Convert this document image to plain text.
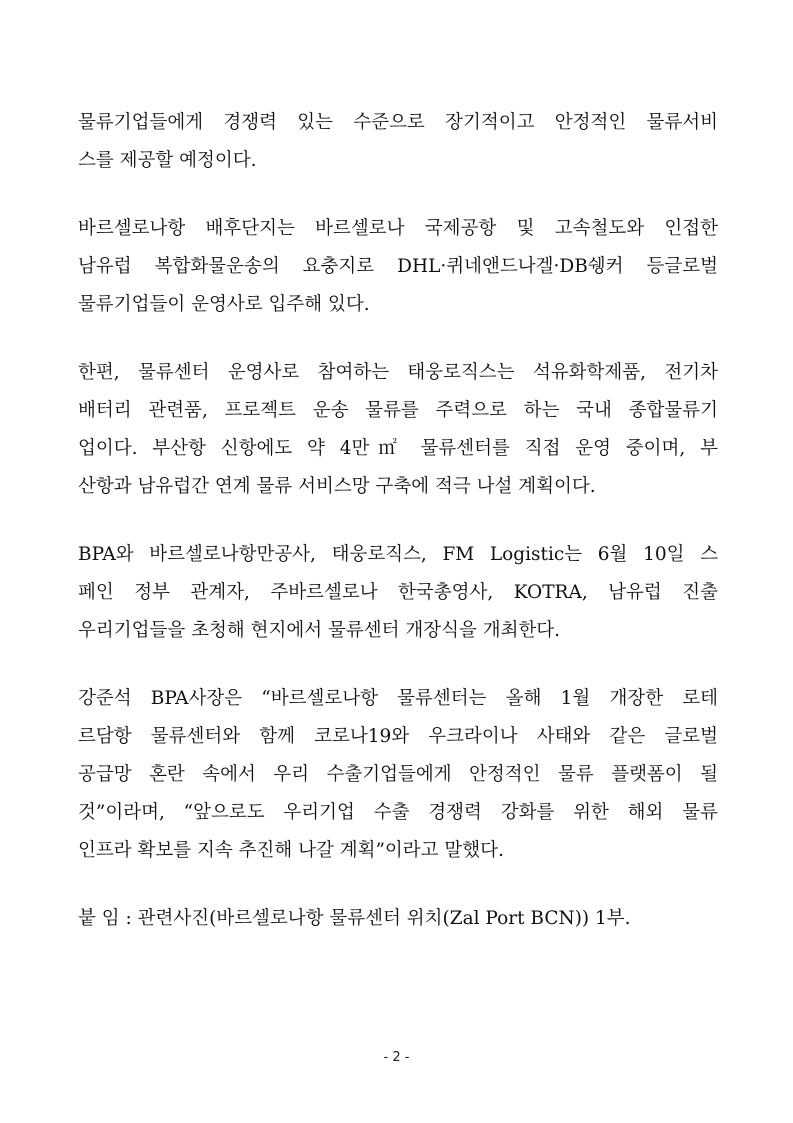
물류기업들에게 경쟁력 있는 수준으로 장기적이고 안정적인 물류서비
스를 제공할 예정이다.

바르셀로나항 배후단지는 바르셀로나 국제공항 및 고속철도와 인접한
남유럽 복합화물운송의 요충지로 DHL·퀴네앤드나겔·DB쉥커 등글로벌
물류기업들이 운영사로 입주해 있다.

한편, 물류센터 운영사로 참여하는 태웅로직스는 석유화학제품, 전기차
배터리 관련품, 프로젝트 운송 물류를 주력으로 하는 국내 종합물류기
업이다. 부산항 신항에도 약 4만㎡ 물류센터를 직접 운영 중이며, 부
산항과 남유럽간 연계 물류 서비스망 구축에 적극 나설 계획이다.

BPA와 바르셀로나항만공사, 태웅로직스, FM Logistic는 6월 10일 스
페인 정부 관계자, 주바르셀로나 한국총영사, KOTRA, 남유럽 진출
우리기업들을 초청해 현지에서 물류센터 개장식을 개최한다.

강준석 BPA사장은 “바르셀로나항 물류센터는 올해 1월 개장한 로테
르담항 물류센터와 함께 코로나19와 우크라이나 사태와 같은 글로벌
공급망 혼란 속에서 우리 수출기업들에게 안정적인 물류 플랫폼이 될
것”이라며, “앞으로도 우리기업 수출 경쟁력 강화를 위한 해외 물류
인프라 확보를 지속 추진해 나갈 계획”이라고 말했다.

붙 임 : 관련사진(바르셀로나항 물류센터 위치(Zal Port BCN)) 1부.

- 2 -
